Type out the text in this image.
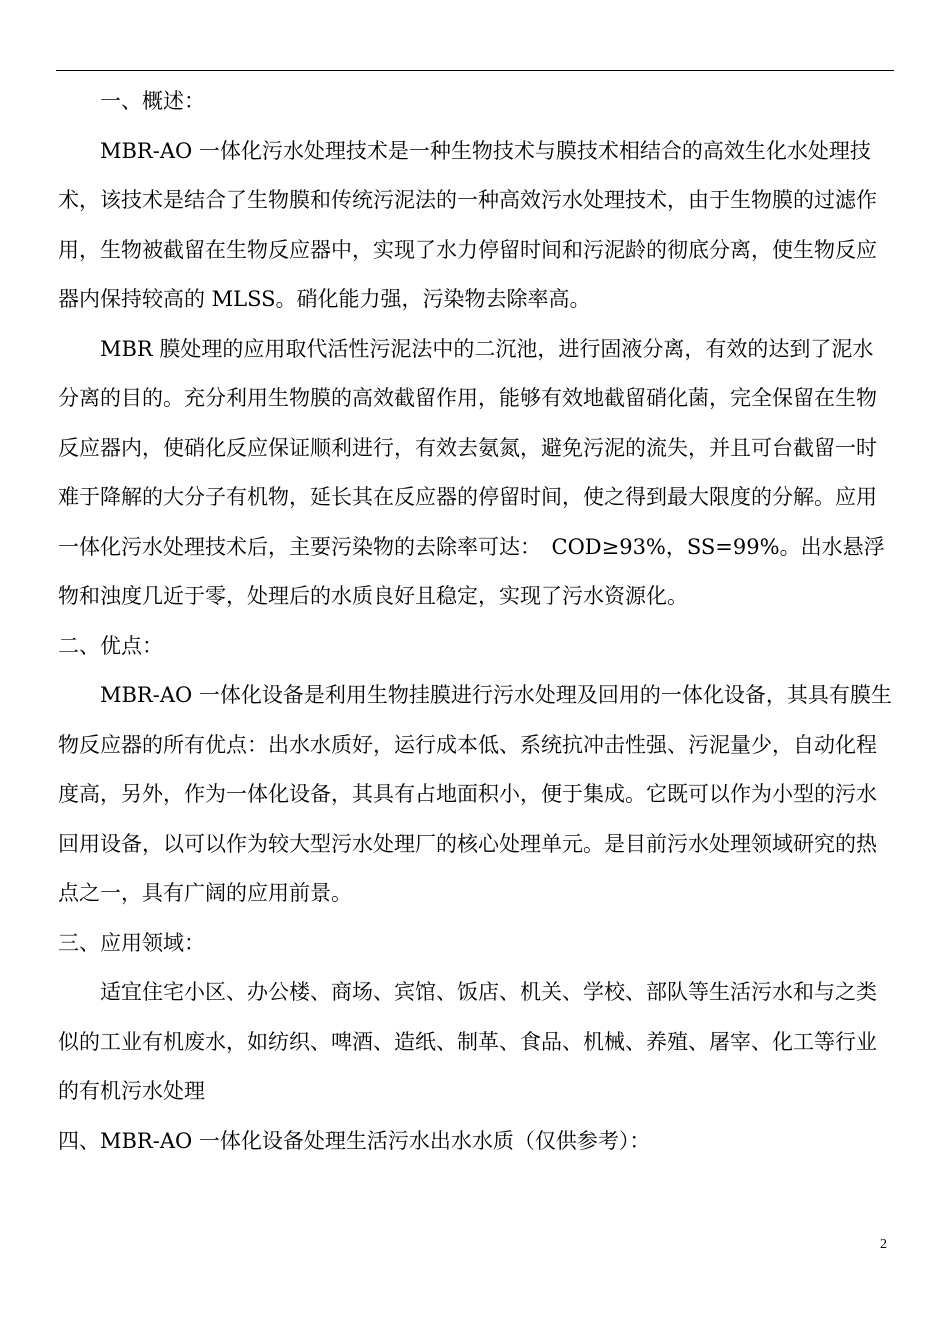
一、概述：

MBR-AO 一体化污水处理技术是一种生物技术与膜技术相结合的高效生化水处理技术，该技术是结合了生物膜和传统污泥法的一种高效污水处理技术，由于生物膜的过滤作用，生物被截留在生物反应器中，实现了水力停留时间和污泥龄的彻底分离，使生物反应器内保持较高的 MLSS。硝化能力强，污染物去除率高。

MBR 膜处理的应用取代活性污泥法中的二沉池，进行固液分离，有效的达到了泥水分离的目的。充分利用生物膜的高效截留作用，能够有效地截留硝化菌，完全保留在生物反应器内，使硝化反应保证顺利进行，有效去氨氮，避免污泥的流失，并且可台截留一时难于降解的大分子有机物，延长其在反应器的停留时间，使之得到最大限度的分解。应用一体化污水处理技术后，主要污染物的去除率可达：　COD≥93%，SS=99%。出水悬浮物和浊度几近于零，处理后的水质良好且稳定，实现了污水资源化。

二、优点：

MBR-AO 一体化设备是利用生物挂膜进行污水处理及回用的一体化设备，其具有膜生物反应器的所有优点：出水水质好，运行成本低、系统抗冲击性强、污泥量少，自动化程度高，另外，作为一体化设备，其具有占地面积小，便于集成。它既可以作为小型的污水回用设备，以可以作为较大型污水处理厂的核心处理单元。是目前污水处理领域研究的热点之一，具有广阔的应用前景。

三、应用领域：

适宜住宅小区、办公楼、商场、宾馆、饭店、机关、学校、部队等生活污水和与之类似的工业有机废水，如纺织、啤酒、造纸、制革、食品、机械、养殖、屠宰、化工等行业的有机污水处理

四、MBR-AO 一体化设备处理生活污水出水水质（仅供参考）：

2
